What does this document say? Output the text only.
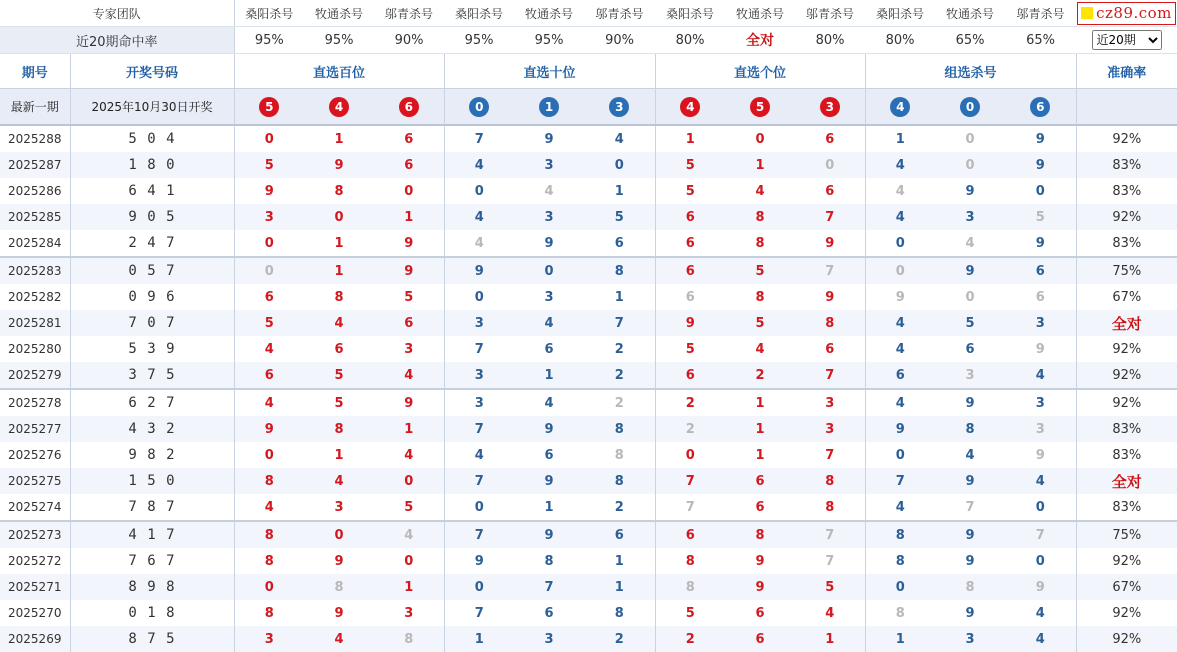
专家团队		桑阳杀号	牧通杀号	邬青杀号	桑阳杀号	牧通杀号	邬青杀号	桑阳杀号	牧通杀号	邬青杀号	桑阳杀号	牧通杀号	邬青杀号	cz89.com

近20期命中率		95%	95%	90%	95%	95%	90%	80%	全对	80%	80%	65%	65%	
近20期
期号	开奖号码	直选百位			直选十位			直选个位			组选杀号			准确率
最新一期	2025年10月30日开奖	5	4	6	0	1	3	4	5	3	4	0	6	
2025288	5 0 4	0	1	6	7	9	4	1	0	6	1	0	9	92%
2025287	1 8 0	5	9	6	4	3	0	5	1	0	4	0	9	83%
2025286	6 4 1	9	8	0	0	4	1	5	4	6	4	9	0	83%
2025285	9 0 5	3	0	1	4	3	5	6	8	7	4	3	5	92%
2025284	2 4 7	0	1	9	4	9	6	6	8	9	0	4	9	83%
2025283	0 5 7	0	1	9	9	0	8	6	5	7	0	9	6	75%
2025282	0 9 6	6	8	5	0	3	1	6	8	9	9	0	6	67%
2025281	7 0 7	5	4	6	3	4	7	9	5	8	4	5	3	全对
2025280	5 3 9	4	6	3	7	6	2	5	4	6	4	6	9	92%
2025279	3 7 5	6	5	4	3	1	2	6	2	7	6	3	4	92%
2025278	6 2 7	4	5	9	3	4	2	2	1	3	4	9	3	92%
2025277	4 3 2	9	8	1	7	9	8	2	1	3	9	8	3	83%
2025276	9 8 2	0	1	4	4	6	8	0	1	7	0	4	9	83%
2025275	1 5 0	8	4	0	7	9	8	7	6	8	7	9	4	全对
2025274	7 8 7	4	3	5	0	1	2	7	6	8	4	7	0	83%
2025273	4 1 7	8	0	4	7	9	6	6	8	7	8	9	7	75%
2025272	7 6 7	8	9	0	9	8	1	8	9	7	8	9	0	92%
2025271	8 9 8	0	8	1	0	7	1	8	9	5	0	8	9	67%
2025270	0 1 8	8	9	3	7	6	8	5	6	4	8	9	4	92%
2025269	8 7 5	3	4	8	1	3	2	2	6	1	1	3	4	92%
